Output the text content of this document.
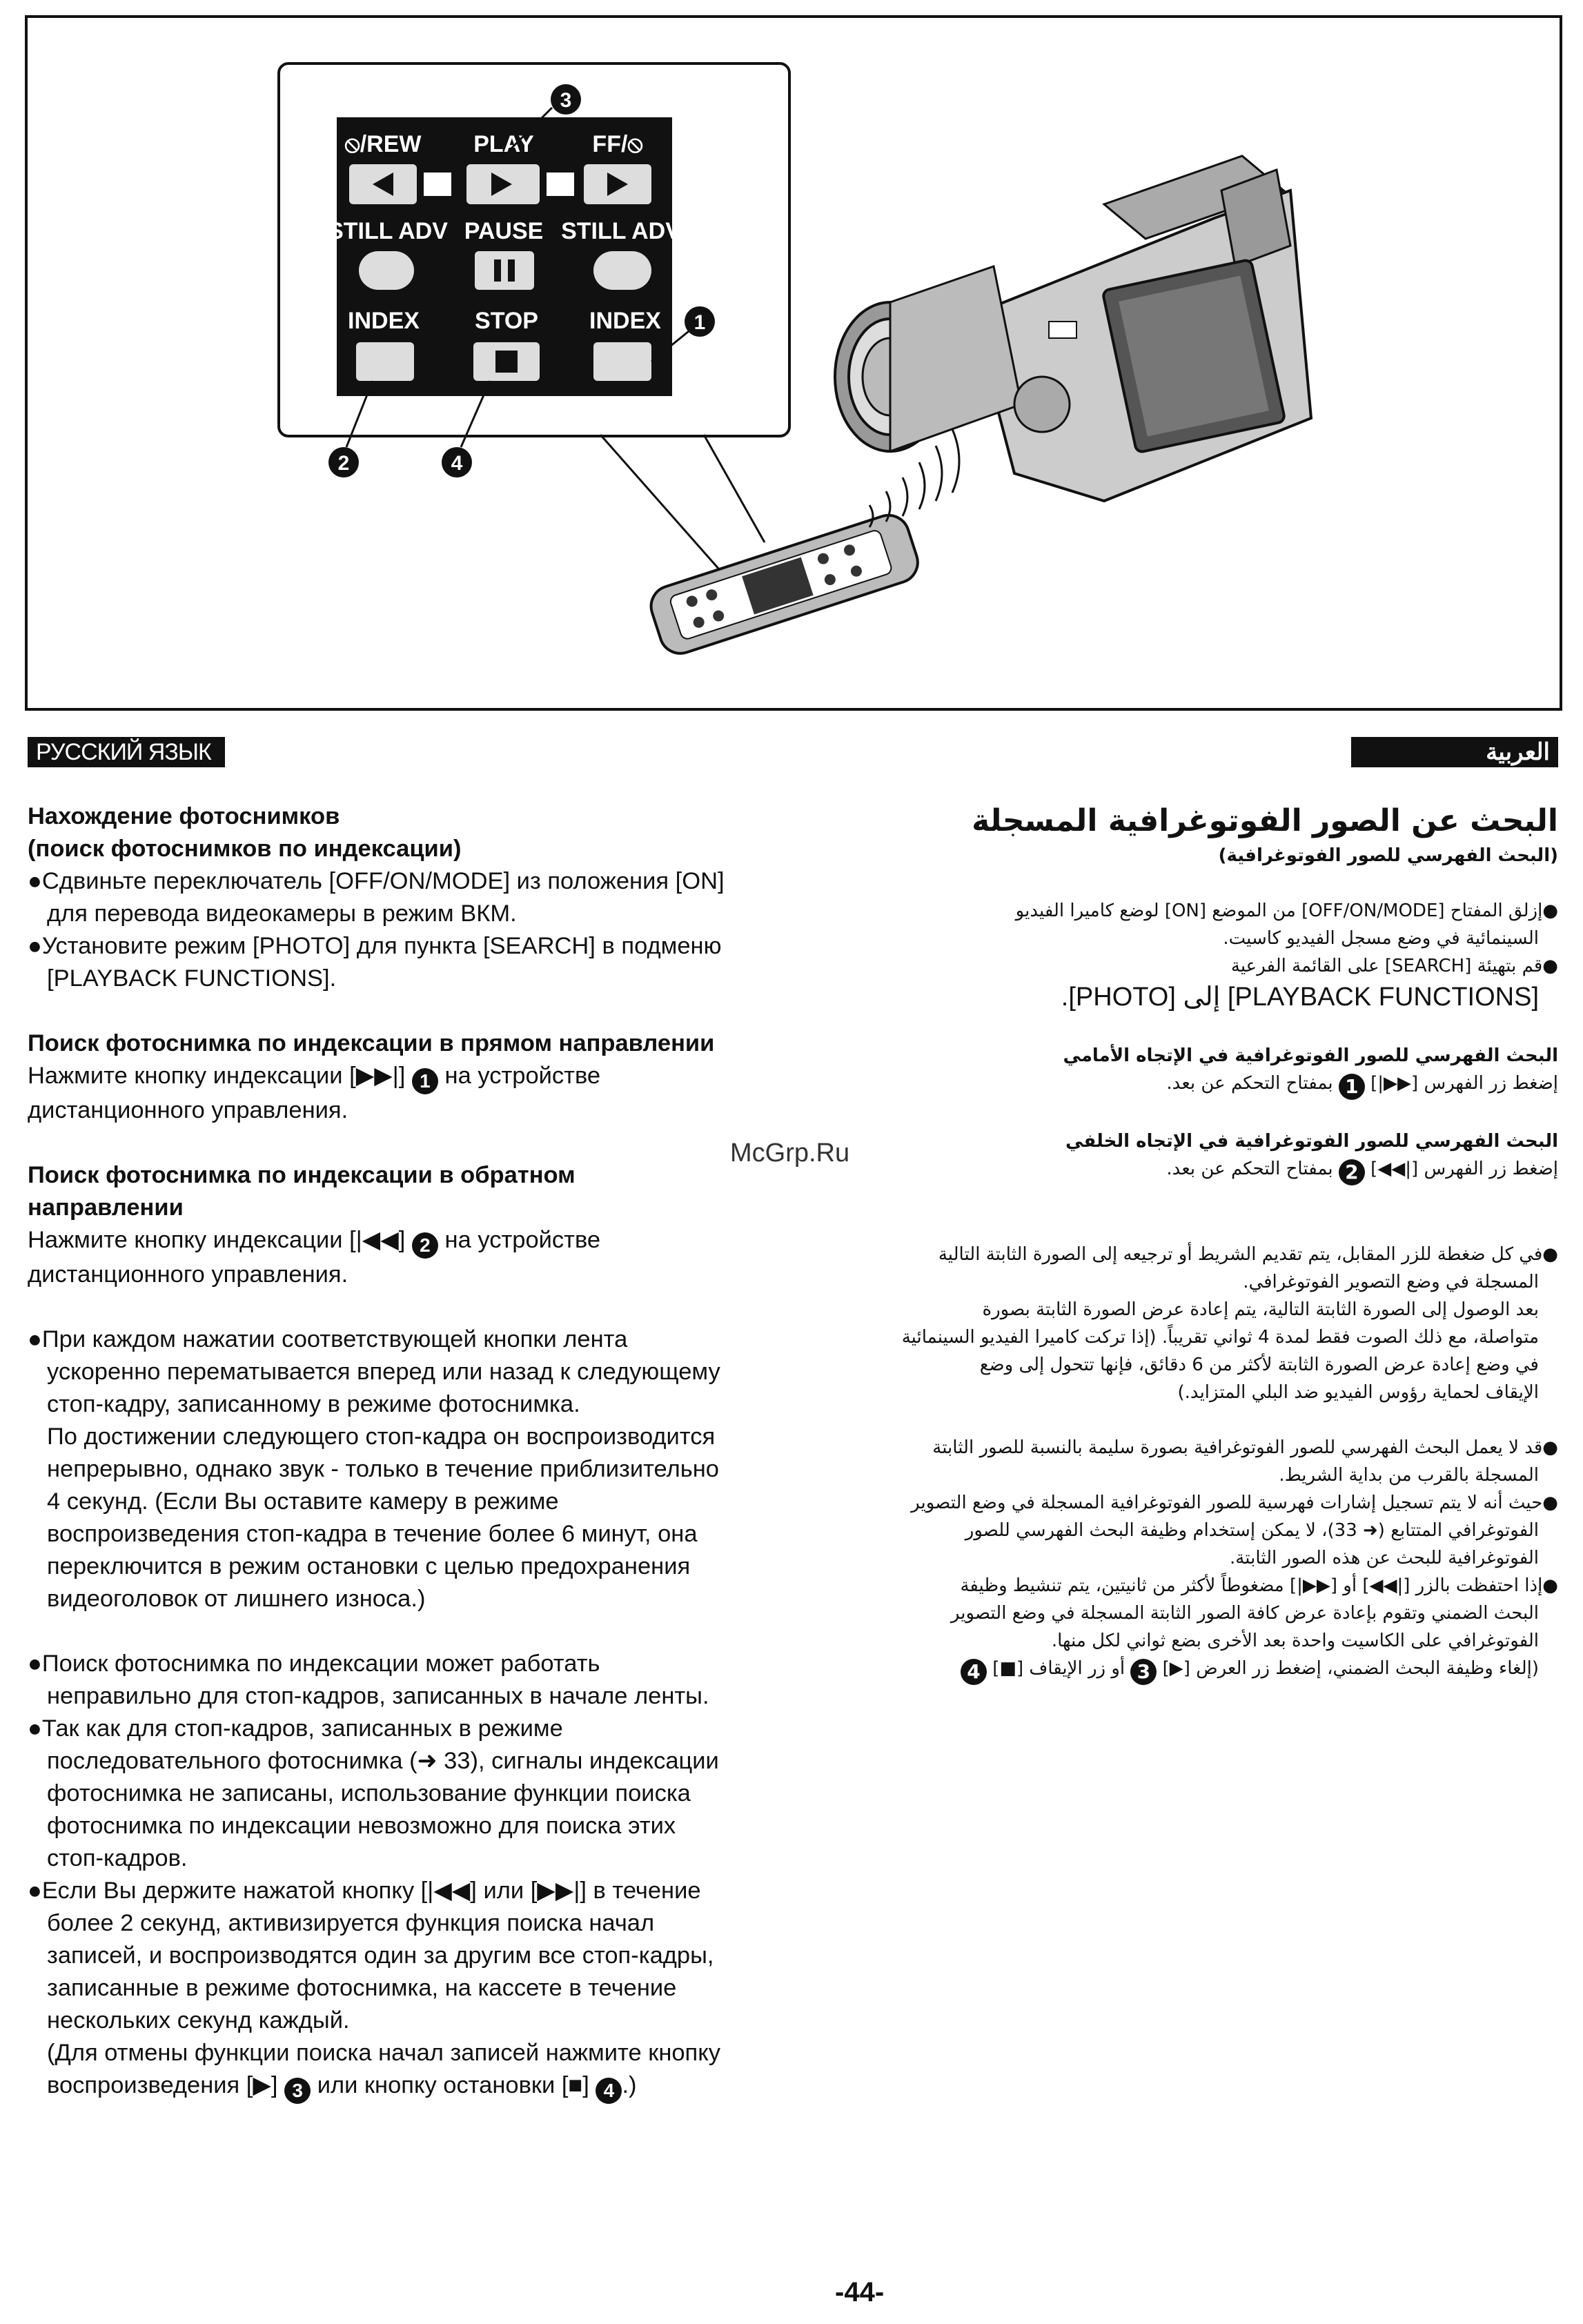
⦸/REW PLAY FF/⦸
STILL ADV PAUSE STILL ADV
INDEX STOP INDEX
3
1
2	4
РУССКИЙ ЯЗЫК	العربية

Нахождение фотоснимков

(поиск фотоснимков по индексации)

●Сдвиньте переключатель [OFF/ON/MODE] из положения [ON]
для перевода видеокамеры в режим ВКМ.

●Установите режим [PHOTO] для пункта [SEARCH] в подменю
[PLAYBACK FUNCTIONS].

Поиск фотоснимка по индексации в прямом направлении

Нажмите кнопку индексации [▶▶|] 1 на устройстве
дистанционного управления.

Поиск фотоснимка по индексации в обратном
направлении

Нажмите кнопку индексации [|◀◀] 2 на устройстве
дистанционного управления.

●При каждом нажатии соответствующей кнопки лента
ускоренно перематывается вперед или назад к следующему
стоп-кадру, записанному в режиме фотоснимка.
По достижении следующего стоп-кадра он воспроизводится
непрерывно, однако звук - только в течение приблизительно
4 секунд. (Если Вы оставите камеру в режиме
воспроизведения стоп-кадра в течение более 6 минут, она
переключится в режим остановки с целью предохранения
видеоголовок от лишнего износа.)

●Поиск фотоснимка по индексации может работать
неправильно для стоп-кадров, записанных в начале ленты.

●Так как для стоп-кадров, записанных в режиме
последовательного фотоснимка (➜ 33), сигналы индексации
фотоснимка не записаны, использование функции поиска
фотоснимка по индексации невозможно для поиска этих
стоп-кадров.

●Если Вы держите нажатой кнопку [|◀◀] или [▶▶|] в течение
более 2 секунд, активизируется функция поиска начал
записей, и воспроизводятся один за другим все стоп-кадры,
записанные в режиме фотоснимка, на кассете в течение
нескольких секунд каждый.
(Для отмены функции поиска начал записей нажмите кнопку
воспроизведения [▶] 3 или кнопку остановки [■] 4 .)

البحث عن الصور الفوتوغرافية المسجلة

(البحث الفهرسي للصور الفوتوغرافية)

●إزلق المفتاح [OFF/ON/MODE] من الموضع [ON] لوضع كاميرا الفيديو
السينمائية في وضع مسجل الفيديو كاسيت.

●قم بتهيئة [SEARCH] على القائمة الفرعية
[PLAYBACK FUNCTIONS] إلى [PHOTO].

البحث الفهرسي للصور الفوتوغرافية في الإتجاه الأمامي

إضغط زر الفهرس [▶▶|] 1 بمفتاح التحكم عن بعد.

البحث الفهرسي للصور الفوتوغرافية في الإتجاه الخلفي

إضغط زر الفهرس [|◀◀] 2 بمفتاح التحكم عن بعد.

●في كل ضغطة للزر المقابل، يتم تقديم الشريط أو ترجيعه إلى الصورة الثابتة التالية
المسجلة في وضع التصوير الفوتوغرافي.
بعد الوصول إلى الصورة الثابتة التالية، يتم إعادة عرض الصورة الثابتة بصورة
متواصلة، مع ذلك الصوت فقط لمدة 4 ثواني تقريباً. (إذا تركت كاميرا الفيديو السينمائية
في وضع إعادة عرض الصورة الثابتة لأكثر من 6 دقائق، فإنها تتحول إلى وضع
الإيقاف لحماية رؤوس الفيديو ضد البلي المتزايد.)

●قد لا يعمل البحث الفهرسي للصور الفوتوغرافية بصورة سليمة بالنسبة للصور الثابتة
المسجلة بالقرب من بداية الشريط.

●حيث أنه لا يتم تسجيل إشارات فهرسية للصور الفوتوغرافية المسجلة في وضع التصوير
الفوتوغرافي المتتابع (➜ 33)، لا يمكن إستخدام وظيفة البحث الفهرسي للصور
الفوتوغرافية للبحث عن هذه الصور الثابتة.

●إذا احتفظت بالزر [|◀◀] أو [▶▶|] مضغوطاً لأكثر من ثانيتين، يتم تنشيط وظيفة
البحث الضمني وتقوم بإعادة عرض كافة الصور الثابتة المسجلة في وضع التصوير
الفوتوغرافي على الكاسيت واحدة بعد الأخرى بضع ثواني لكل منها.
(إلغاء وظيفة البحث الضمني، إضغط زر العرض [▶] 3 أو زر الإيقاف [■] 4

McGrp.Ru
-44-
